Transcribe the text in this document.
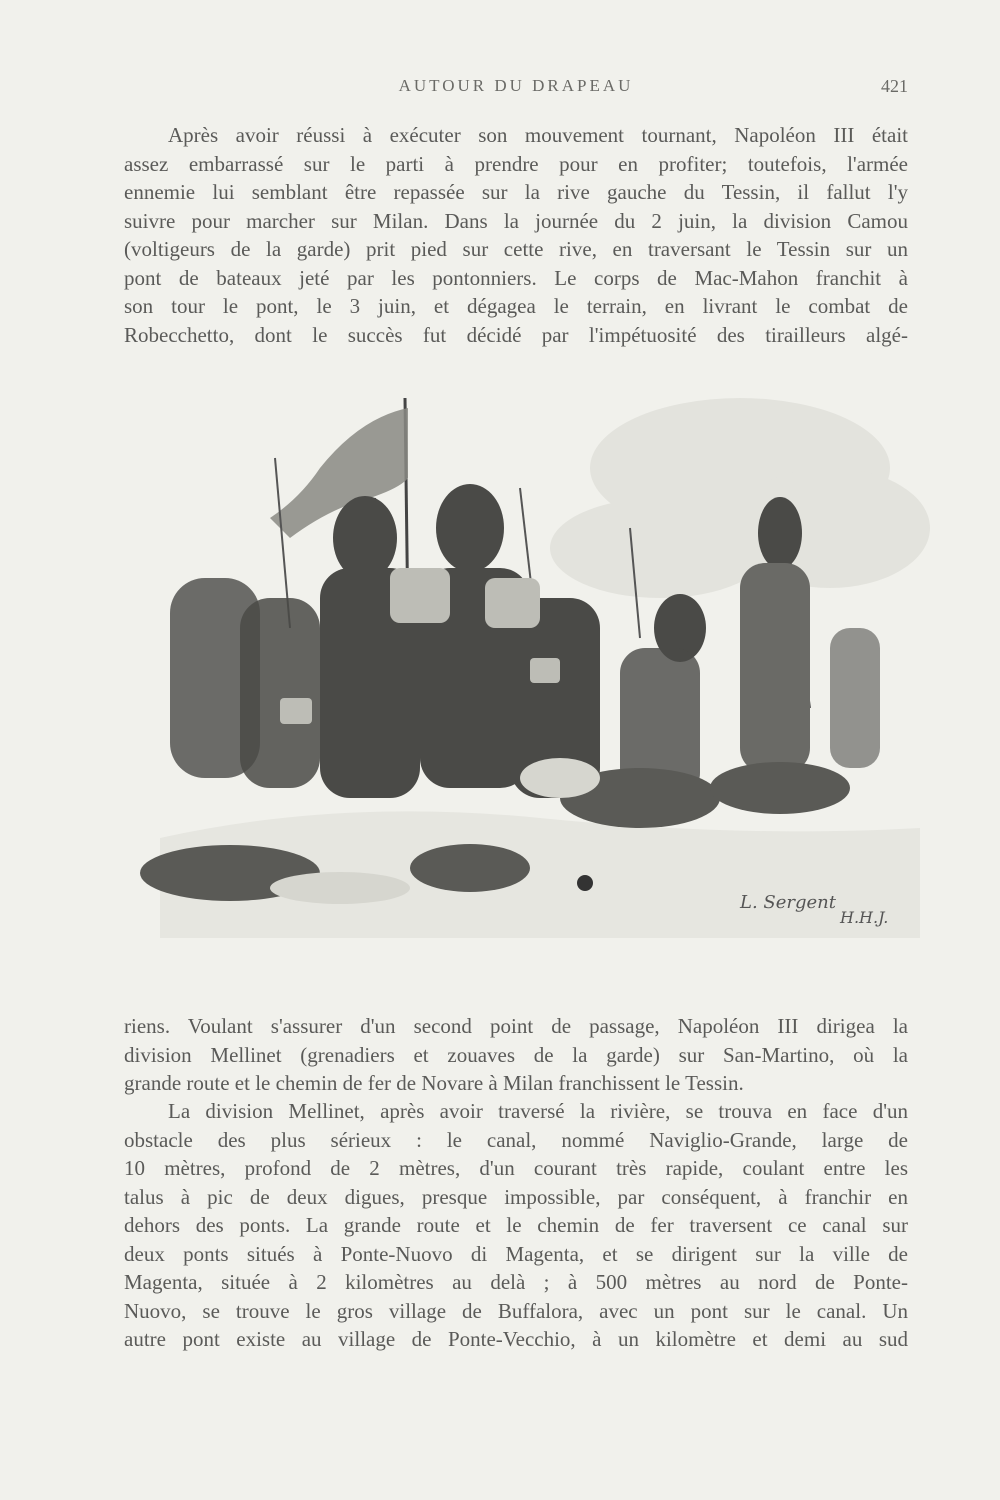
AUTOUR DU DRAPEAU	421
Après avoir réussi à exécuter son mouvement tournant, Napoléon III était
assez embarrassé sur le parti à prendre pour en profiter; toutefois, l'armée
ennemie lui semblant être repassée sur la rive gauche du Tessin, il fallut l'y
suivre pour marcher sur Milan. Dans la journée du 2 juin, la division Camou
(voltigeurs de la garde) prit pied sur cette rive, en traversant le Tessin sur un
pont de bateaux jeté par les pontonniers. Le corps de Mac-Mahon franchit à
son tour le pont, le 3 juin, et dégagea le terrain, en livrant le combat de
Robecchetto, dont le succès fut décidé par l'impétuosité des tirailleurs algé-
L. Sergent
H.H.J.
riens. Voulant s'assurer d'un second point de passage, Napoléon III dirigea la
division Mellinet (grenadiers et zouaves de la garde) sur San-Martino, où la
grande route et le chemin de fer de Novare à Milan franchissent le Tessin.
La division Mellinet, après avoir traversé la rivière, se trouva en face d'un
obstacle des plus sérieux : le canal, nommé Naviglio-Grande, large de
10 mètres, profond de 2 mètres, d'un courant très rapide, coulant entre les
talus à pic de deux digues, presque impossible, par conséquent, à franchir en
dehors des ponts. La grande route et le chemin de fer traversent ce canal sur
deux ponts situés à Ponte-Nuovo di Magenta, et se dirigent sur la ville de
Magenta, située à 2 kilomètres au delà ; à 500 mètres au nord de Ponte-
Nuovo, se trouve le gros village de Buffalora, avec un pont sur le canal. Un
autre pont existe au village de Ponte-Vecchio, à un kilomètre et demi au sud
